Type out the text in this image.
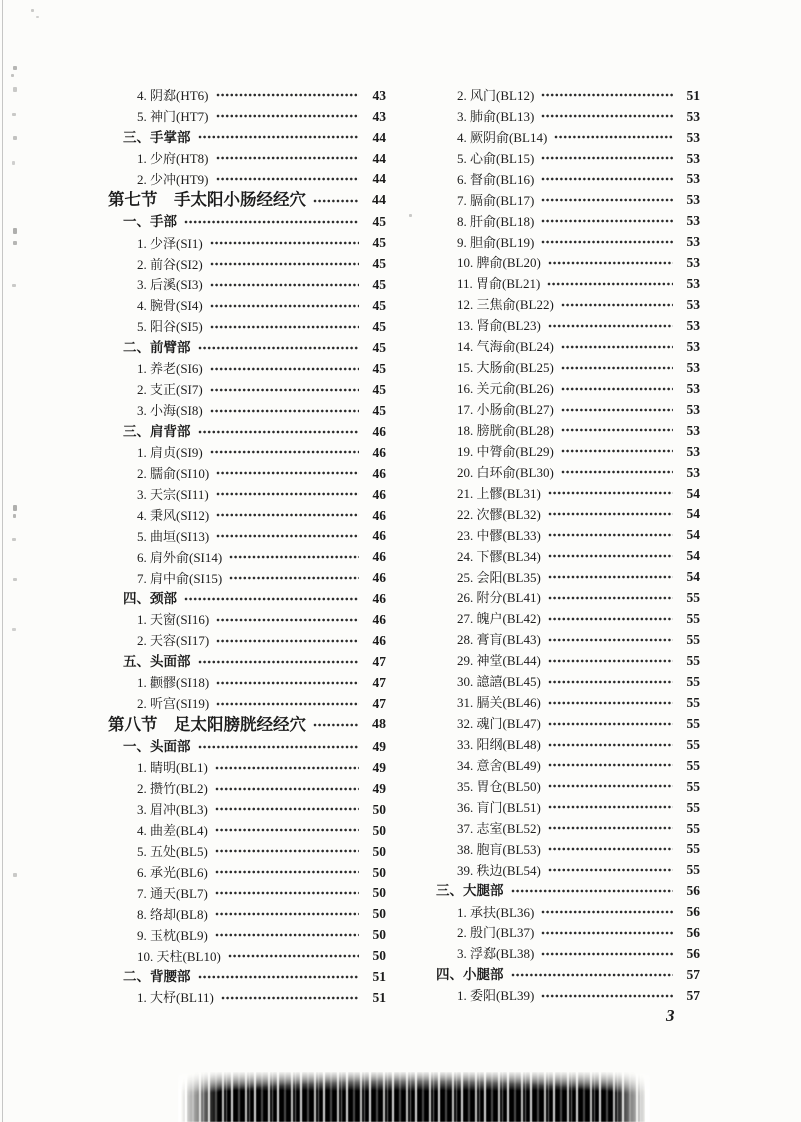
4. 阴郄(HT6)	43
5. 神门(HT7)	43
三、手掌部	44
1. 少府(HT8)	44
2. 少冲(HT9)	44
第七节　手太阳小肠经经穴	44
一、手部	45
1. 少泽(SI1)	45
2. 前谷(SI2)	45
3. 后溪(SI3)	45
4. 腕骨(SI4)	45
5. 阳谷(SI5)	45
二、前臂部	45
1. 养老(SI6)	45
2. 支正(SI7)	45
3. 小海(SI8)	45
三、肩背部	46
1. 肩贞(SI9)	46
2. 臑俞(SI10)	46
3. 天宗(SI11)	46
4. 秉风(SI12)	46
5. 曲垣(SI13)	46
6. 肩外俞(SI14)	46
7. 肩中俞(SI15)	46
四、颈部	46
1. 天窗(SI16)	46
2. 天容(SI17)	46
五、头面部	47
1. 颧髎(SI18)	47
2. 听宫(SI19)	47
第八节　足太阳膀胱经经穴	48
一、头面部	49
1. 睛明(BL1)	49
2. 攒竹(BL2)	49
3. 眉冲(BL3)	50
4. 曲差(BL4)	50
5. 五处(BL5)	50
6. 承光(BL6)	50
7. 通天(BL7)	50
8. 络却(BL8)	50
9. 玉枕(BL9)	50
10. 天柱(BL10)	50
二、背腰部	51
1. 大杼(BL11)	51
2. 风门(BL12)	51
3. 肺俞(BL13)	53
4. 厥阴俞(BL14)	53
5. 心俞(BL15)	53
6. 督俞(BL16)	53
7. 膈俞(BL17)	53
8. 肝俞(BL18)	53
9. 胆俞(BL19)	53
10. 脾俞(BL20)	53
11. 胃俞(BL21)	53
12. 三焦俞(BL22)	53
13. 肾俞(BL23)	53
14. 气海俞(BL24)	53
15. 大肠俞(BL25)	53
16. 关元俞(BL26)	53
17. 小肠俞(BL27)	53
18. 膀胱俞(BL28)	53
19. 中膂俞(BL29)	53
20. 白环俞(BL30)	53
21. 上髎(BL31)	54
22. 次髎(BL32)	54
23. 中髎(BL33)	54
24. 下髎(BL34)	54
25. 会阳(BL35)	54
26. 附分(BL41)	55
27. 魄户(BL42)	55
28. 膏肓(BL43)	55
29. 神堂(BL44)	55
30. 譩譆(BL45)	55
31. 膈关(BL46)	55
32. 魂门(BL47)	55
33. 阳纲(BL48)	55
34. 意舍(BL49)	55
35. 胃仓(BL50)	55
36. 肓门(BL51)	55
37. 志室(BL52)	55
38. 胞肓(BL53)	55
39. 秩边(BL54)	55
三、大腿部	56
1. 承扶(BL36)	56
2. 殷门(BL37)	56
3. 浮郄(BL38)	56
四、小腿部	57
1. 委阳(BL39)	57
3
